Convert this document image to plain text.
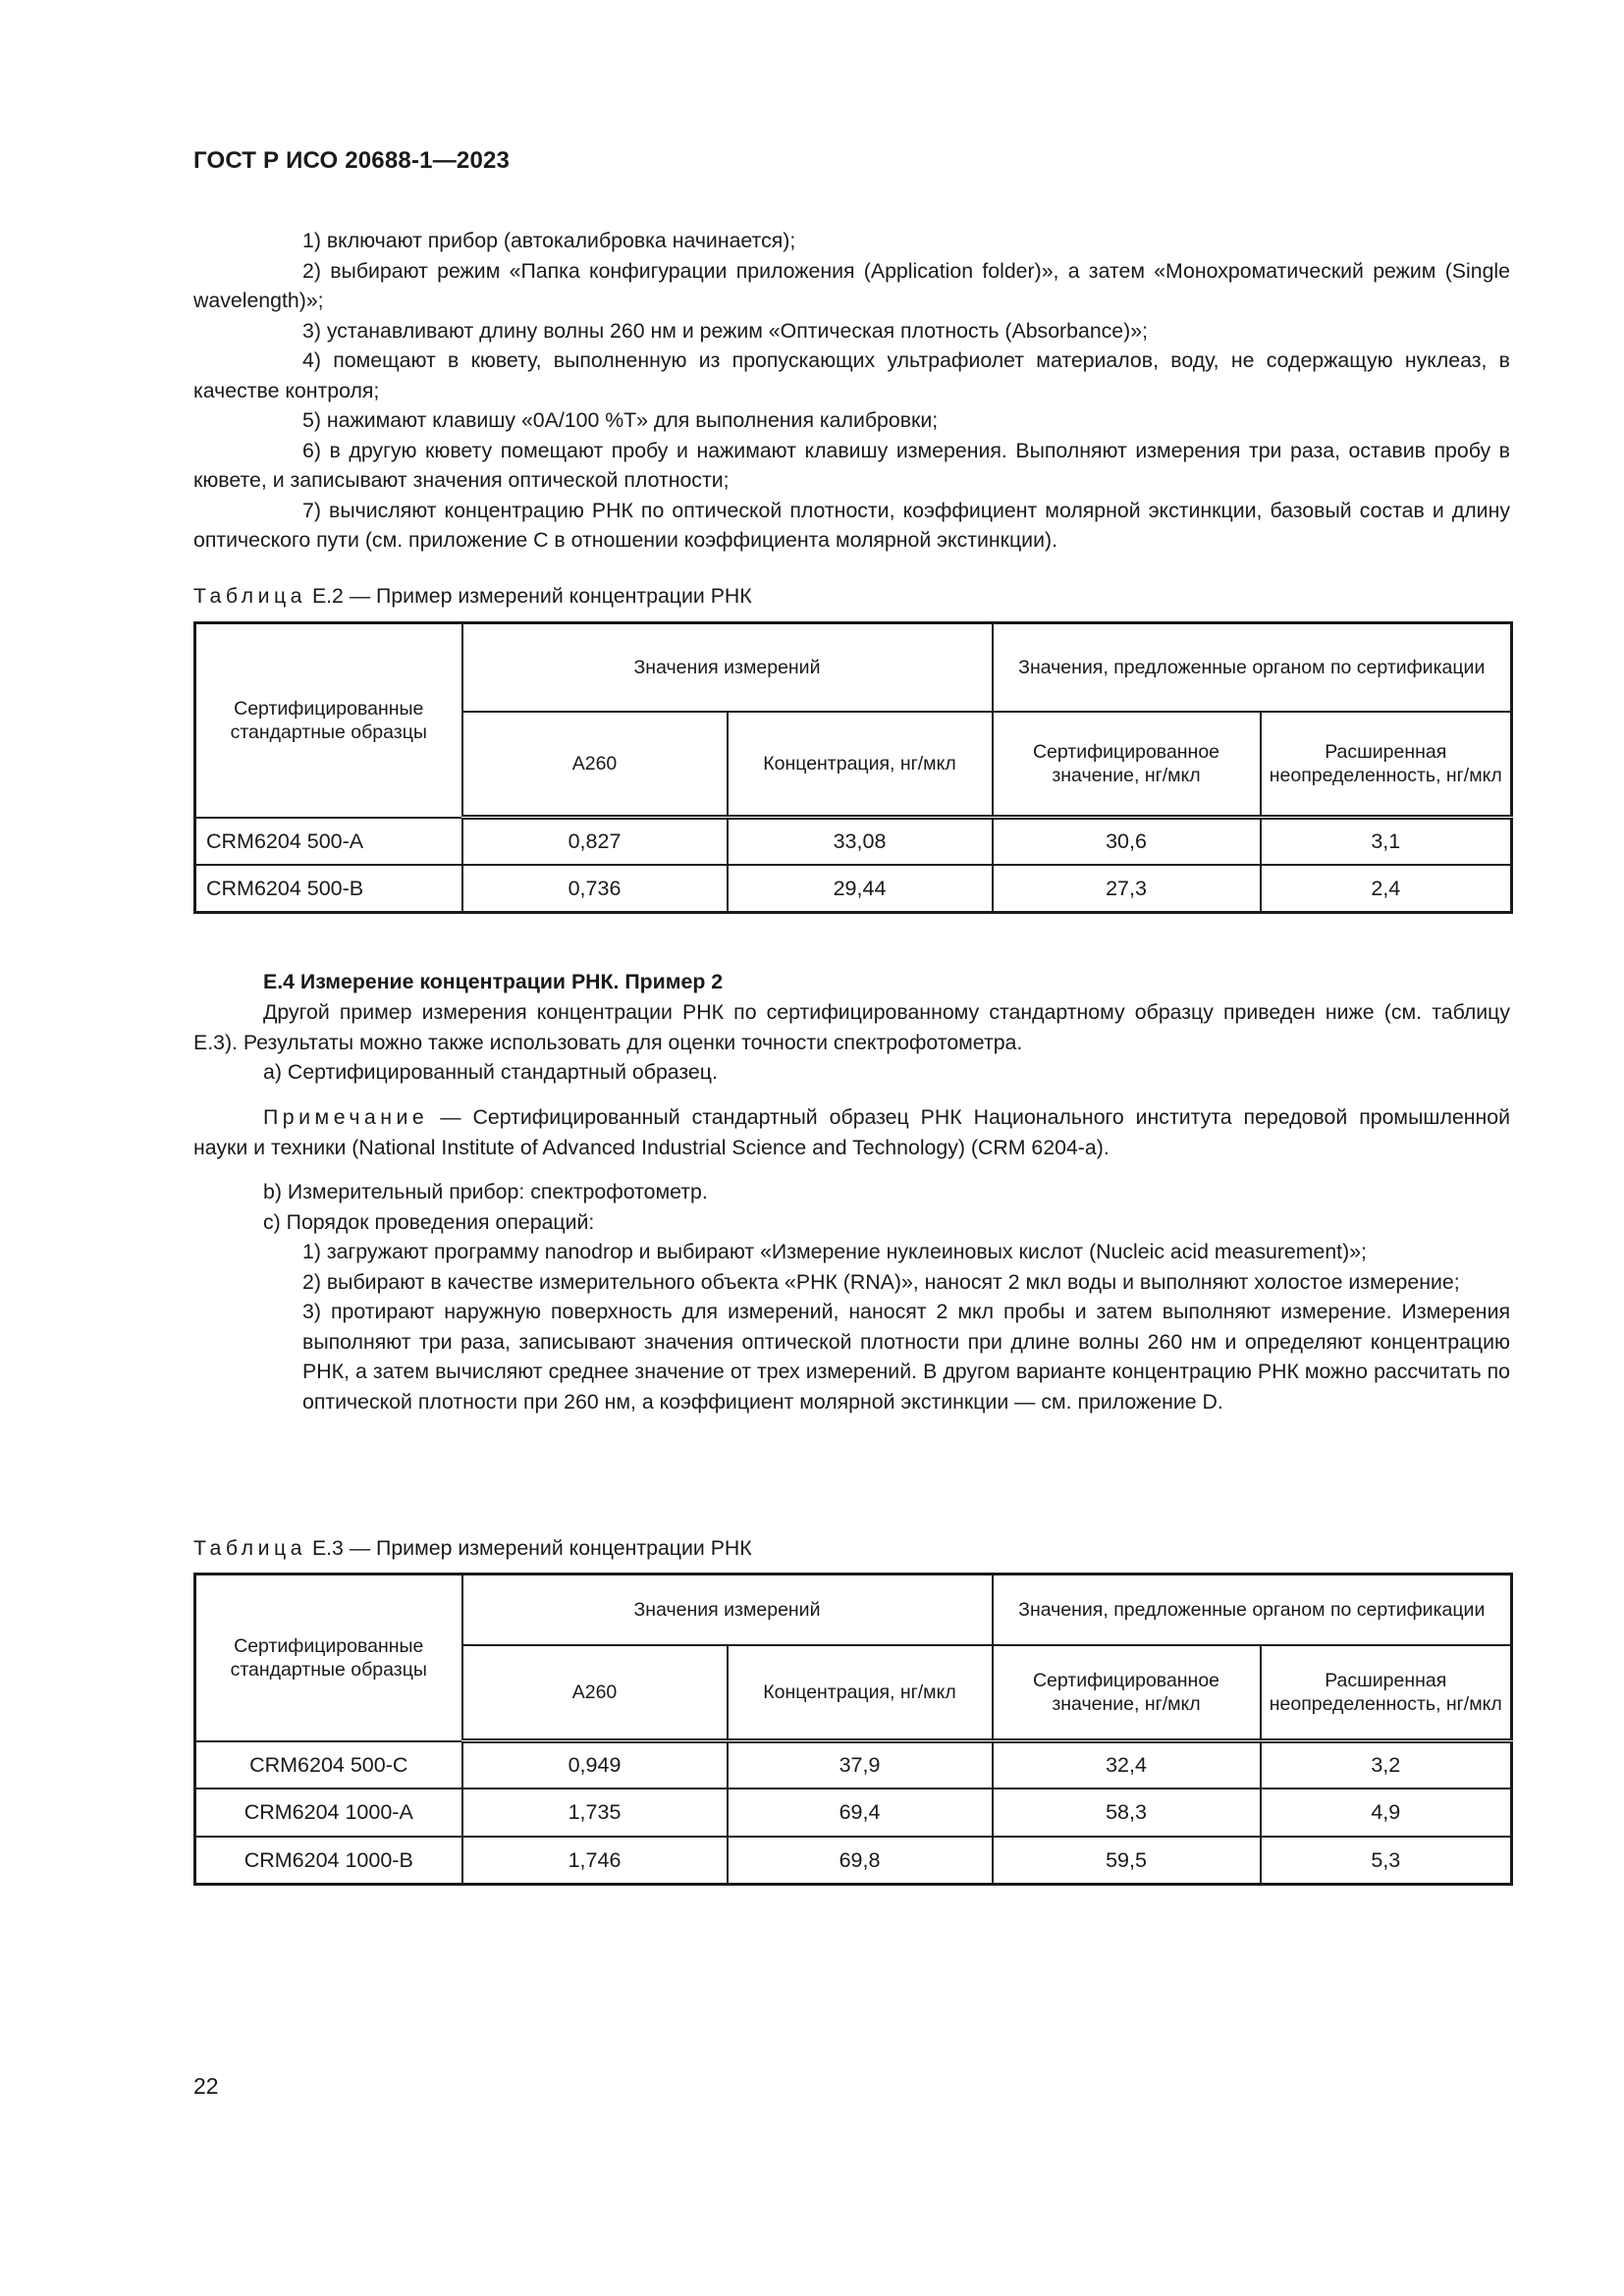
ГОСТ Р ИСО 20688-1—2023
1) включают прибор (автокалибровка начинается);
2) выбирают режим «Папка конфигурации приложения (Application folder)», а затем «Монохроматический режим (Single wavelength)»;
3) устанавливают длину волны 260 нм и режим «Оптическая плотность (Absorbance)»;
4) помещают в кювету, выполненную из пропускающих ультрафиолет материалов, воду, не содержащую нуклеаз, в качестве контроля;
5) нажимают клавишу «0A/100 %T» для выполнения калибровки;
6) в другую кювету помещают пробу и нажимают клавишу измерения. Выполняют измерения три раза, оставив пробу в кювете, и записывают значения оптической плотности;
7) вычисляют концентрацию РНК по оптической плотности, коэффициент молярной экстинкции, базовый состав и длину оптического пути (см. приложение С в отношении коэффициента молярной экстинкции).
Таблица Е.2 — Пример измерений концентрации РНК
Сертифицированные стандартные образцы	Значения измерений		Значения, предложенные органом по сертификации	
	А260	Концентрация, нг/мкл	Сертифицированное значение, нг/мкл	Расширенная неопределенность, нг/мкл
CRM6204 500-A	0,827	33,08	30,6	3,1
CRM6204 500-B	0,736	29,44	27,3	2,4
Е.4 Измерение концентрации РНК. Пример 2
Другой пример измерения концентрации РНК по сертифицированному стандартному образцу приведен ниже (см. таблицу Е.3). Результаты можно также использовать для оценки точности спектрофотометра.
а) Сертифицированный стандартный образец.
Примечание — Сертифицированный стандартный образец РНК Национального института передовой промышленной науки и техники (National Institute of Advanced Industrial Science and Technology) (CRM 6204-a).
b) Измерительный прибор: спектрофотометр.
c) Порядок проведения операций:
1) загружают программу nanodrop и выбирают «Измерение нуклеиновых кислот (Nucleic acid measurement)»;
2) выбирают в качестве измерительного объекта «РНК (RNA)», наносят 2 мкл воды и выполняют холостое измерение;
3) протирают наружную поверхность для измерений, наносят 2 мкл пробы и затем выполняют измерение. Измерения выполняют три раза, записывают значения оптической плотности при длине волны 260 нм и определяют концентрацию РНК, а затем вычисляют среднее значение от трех измерений. В другом варианте концентрацию РНК можно рассчитать по оптической плотности при 260 нм, а коэффициент молярной экстинкции — см. приложение D.
Таблица Е.3 — Пример измерений концентрации РНК
Сертифицированные стандартные образцы	Значения измерений		Значения, предложенные органом по сертификации	
	А260	Концентрация, нг/мкл	Сертифицированное значение, нг/мкл	Расширенная неопределенность, нг/мкл
CRM6204 500-C	0,949	37,9	32,4	3,2
CRM6204 1000-A	1,735	69,4	58,3	4,9
CRM6204 1000-B	1,746	69,8	59,5	5,3
22
